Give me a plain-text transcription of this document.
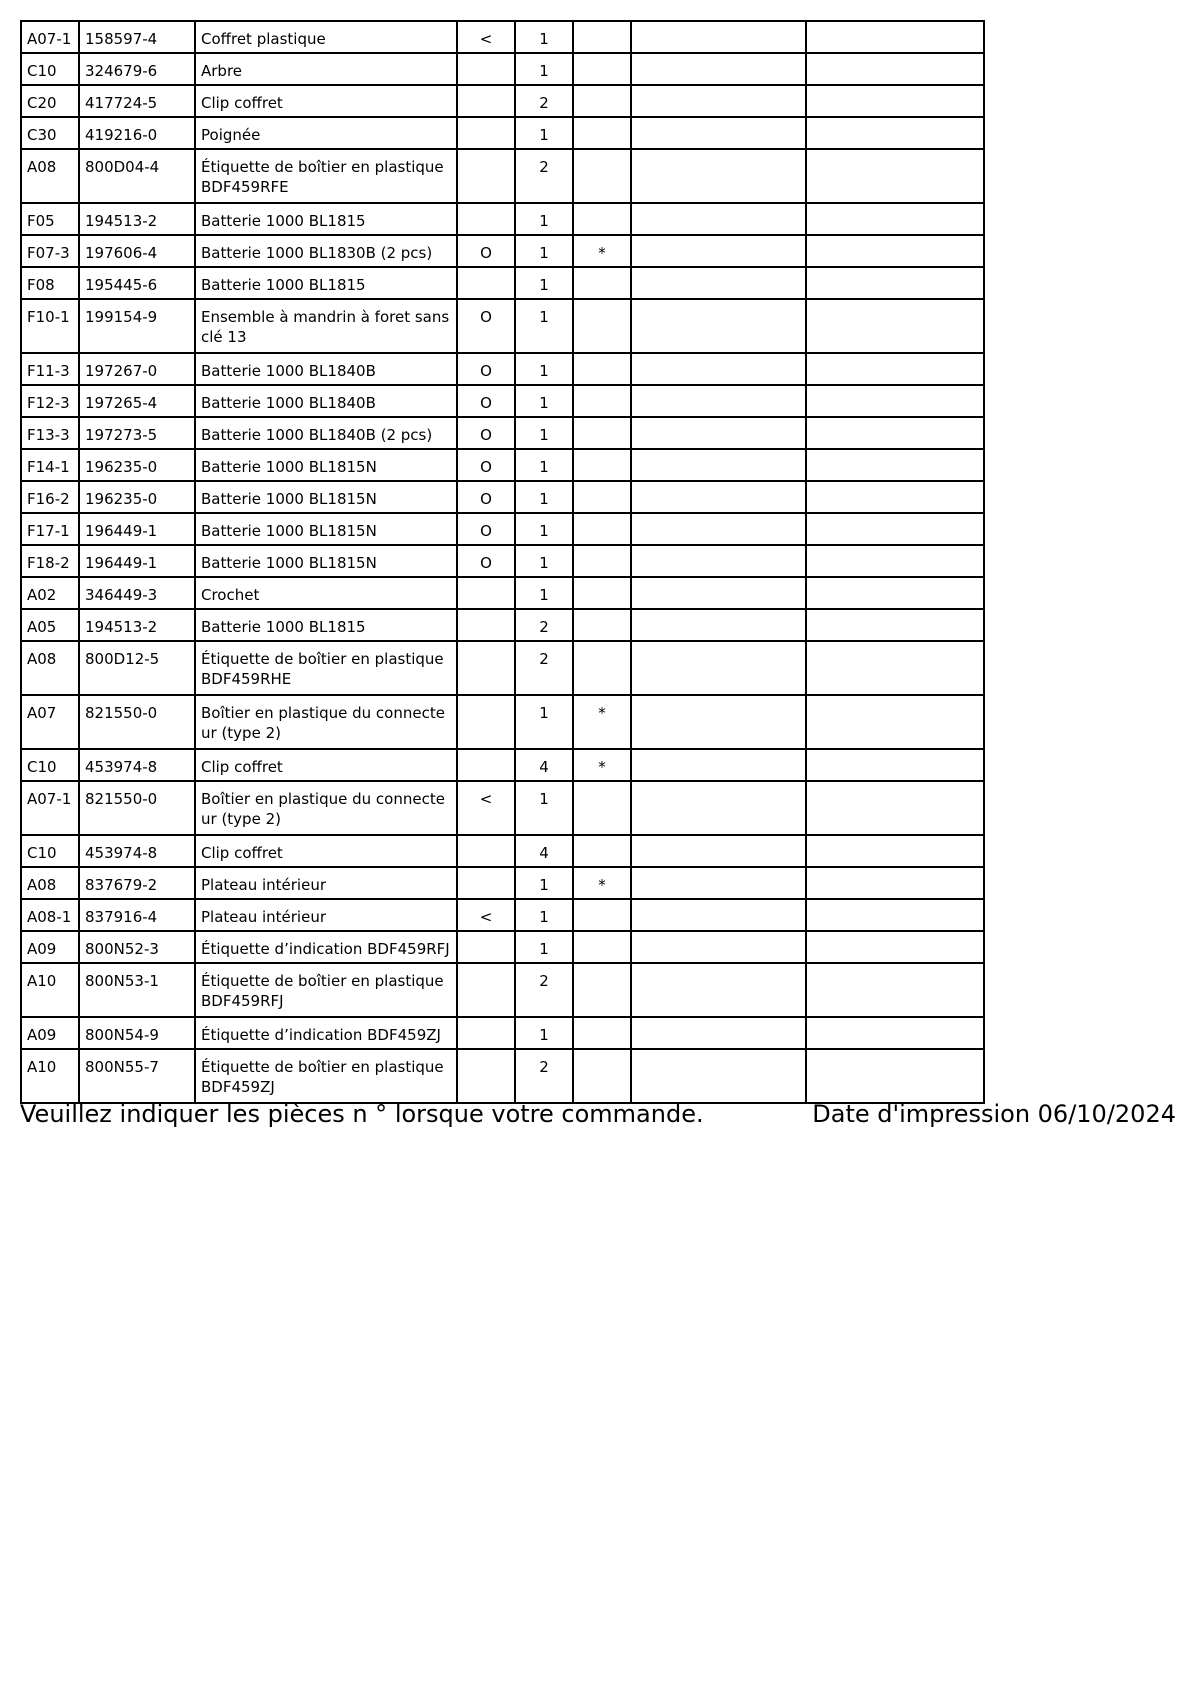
A07-1	158597-4	Coffret plastique	<	1			
C10	324679-6	Arbre		1			
C20	417724-5	Clip coffret		2			
C30	419216-0	Poignée		1			
A08	800D04-4	Étiquette de boîtier en plastique
BDF459RFE		2			
F05	194513-2	Batterie 1000 BL1815		1			
F07-3	197606-4	Batterie 1000 BL1830B (2 pcs)	O	1	*		
F08	195445-6	Batterie 1000 BL1815		1			
F10-1	199154-9	Ensemble à mandrin à foret sans
clé 13	O	1			
F11-3	197267-0	Batterie 1000 BL1840B	O	1			
F12-3	197265-4	Batterie 1000 BL1840B	O	1			
F13-3	197273-5	Batterie 1000 BL1840B (2 pcs)	O	1			
F14-1	196235-0	Batterie 1000 BL1815N	O	1			
F16-2	196235-0	Batterie 1000 BL1815N	O	1			
F17-1	196449-1	Batterie 1000 BL1815N	O	1			
F18-2	196449-1	Batterie 1000 BL1815N	O	1			
A02	346449-3	Crochet		1			
A05	194513-2	Batterie 1000 BL1815		2			
A08	800D12-5	Étiquette de boîtier en plastique
BDF459RHE		2			
A07	821550-0	Boîtier en plastique du connecte
ur (type 2)		1	*		
C10	453974-8	Clip coffret		4	*		
A07-1	821550-0	Boîtier en plastique du connecte
ur (type 2)	<	1			
C10	453974-8	Clip coffret		4			
A08	837679-2	Plateau intérieur		1	*		
A08-1	837916-4	Plateau intérieur	<	1			
A09	800N52-3	Étiquette d’indication BDF459RFJ		1			
A10	800N53-1	Étiquette de boîtier en plastique
BDF459RFJ		2			
A09	800N54-9	Étiquette d’indication BDF459ZJ		1			
A10	800N55-7	Étiquette de boîtier en plastique
BDF459ZJ		2			
Veuillez indiquer les pièces n ° lorsque votre commande.	Date d'impression 06/10/2024
